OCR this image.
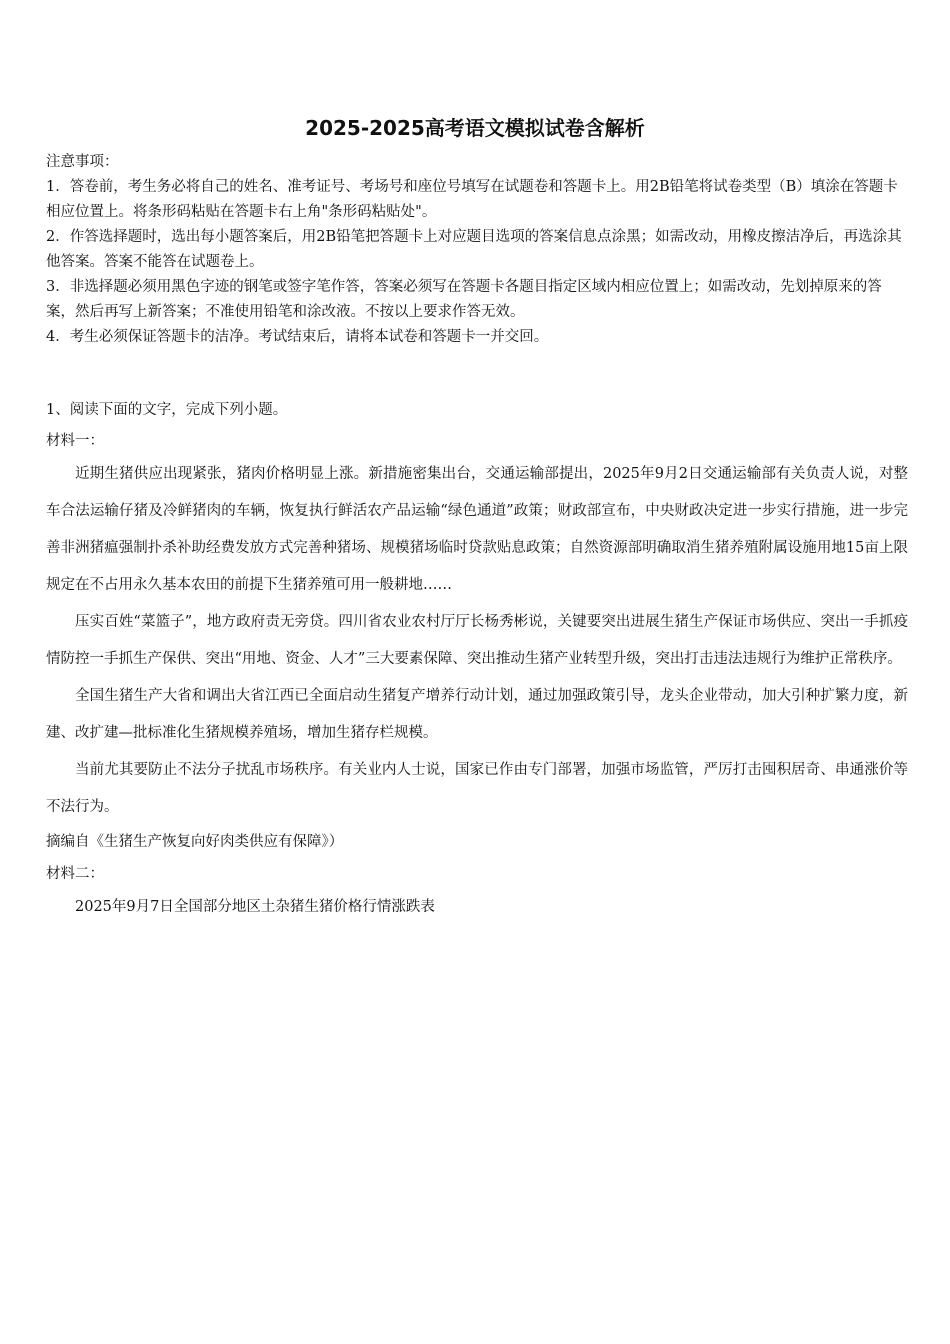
2025-2025高考语文模拟试卷含解析

注意事项：

1．答卷前，考生务必将自己的姓名、准考证号、考场号和座位号填写在试题卷和答题卡上。用2B铅笔将试卷类型（B）填涂在答题卡相应位置上。将条形码粘贴在答题卡右上角"条形码粘贴处"。

2．作答选择题时，选出每小题答案后，用2B铅笔把答题卡上对应题目选项的答案信息点涂黑；如需改动，用橡皮擦洁净后，再选涂其他答案。答案不能答在试题卷上。

3．非选择题必须用黑色字迹的钢笔或签字笔作答，答案必须写在答题卡各题目指定区域内相应位置上；如需改动，先划掉原来的答案，然后再写上新答案；不准使用铅笔和涂改液。不按以上要求作答无效。

4．考生必须保证答题卡的洁净。考试结束后，请将本试卷和答题卡一并交回。

1、阅读下面的文字，完成下列小题。

材料一：

近期生猪供应出现紧张，猪肉价格明显上涨。新措施密集出台，交通运输部提出，2025年9月2日交通运输部有关负责人说，对整车合法运输仔猪及冷鲜猪肉的车辆，恢复执行鲜活农产品运输“绿色通道”政策；财政部宣布，中央财政决定进一步实行措施，进一步完善非洲猪瘟强制扑杀补助经费发放方式完善种猪场、规模猪场临时贷款贴息政策；自然资源部明确取消生猪养殖附属设施用地15亩上限规定在不占用永久基本农田的前提下生猪养殖可用一般耕地……

压实百姓“菜篮子”，地方政府责无旁贷。四川省农业农村厅厅长杨秀彬说，关键要突出进展生猪生产保证市场供应、突出一手抓疫情防控一手抓生产保供、突出“用地、资金、人才”三大要素保障、突出推动生猪产业转型升级，突出打击违法违规行为维护正常秩序。

全国生猪生产大省和调出大省江西已全面启动生猪复产增养行动计划，通过加强政策引导，龙头企业带动，加大引种扩繁力度，新建、改扩建—批标准化生猪规模养殖场，增加生猪存栏规模。

当前尤其要防止不法分子扰乱市场秩序。有关业内人士说，国家已作由专门部署，加强市场监管，严厉打击囤积居奇、串通涨价等不法行为。

摘编自《生猪生产恢复向好肉类供应有保障》）

材料二：

2025年9月7日全国部分地区土杂猪生猪价格行情涨跌表
